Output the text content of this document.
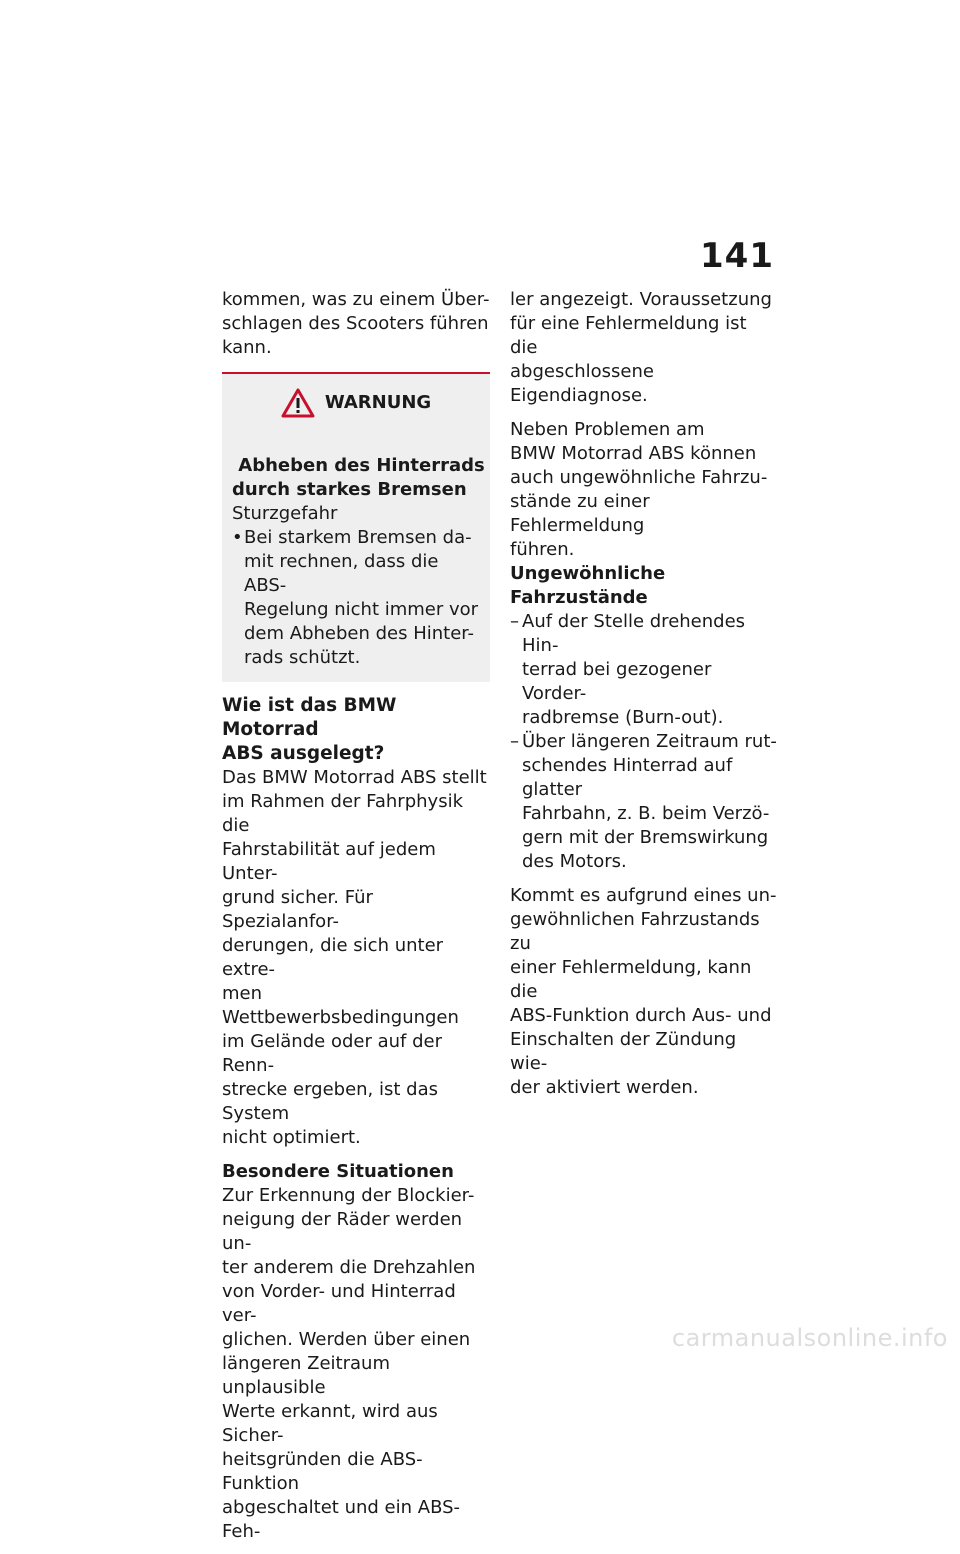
141

kommen, was zu einem Über-
schlagen des Scooters führen
kann.

WARNUNG

Abheben des Hinterrads
durch starkes Bremsen

Sturzgefahr

• Bei starkem Bremsen da-
mit rechnen, dass die ABS-
Regelung nicht immer vor
dem Abheben des Hinter-
rads schützt.

Wie ist das BMW Motorrad
ABS ausgelegt?

Das BMW Motorrad ABS stellt
im Rahmen der Fahrphysik die
Fahrstabilität auf jedem Unter-
grund sicher. Für Spezialanfor-
derungen, die sich unter extre-
men Wettbewerbsbedingungen
im Gelände oder auf der Renn-
strecke ergeben, ist das System
nicht optimiert.

Besondere Situationen

Zur Erkennung der Blockier-
neigung der Räder werden un-
ter anderem die Drehzahlen
von Vorder- und Hinterrad ver-
glichen. Werden über einen
längeren Zeitraum unplausible
Werte erkannt, wird aus Sicher-
heitsgründen die ABS-Funktion
abgeschaltet und ein ABS-Feh-

ler angezeigt. Voraussetzung
für eine Fehlermeldung ist die
abgeschlossene Eigendiagnose.

Neben Problemen am
BMW Motorrad ABS können
auch ungewöhnliche Fahrzu-
stände zu einer Fehlermeldung
führen.

Ungewöhnliche Fahrzustände

– Auf der Stelle drehendes Hin-
terrad bei gezogener Vorder-
radbremse (Burn-out).
– Über längeren Zeitraum rut-
schendes Hinterrad auf glatter
Fahrbahn, z. B. beim Verzö-
gern mit der Bremswirkung
des Motors.

Kommt es aufgrund eines un-
gewöhnlichen Fahrzustands zu
einer Fehlermeldung, kann die
ABS-Funktion durch Aus- und
Einschalten der Zündung wie-
der aktiviert werden.

carmanualsonline.info
